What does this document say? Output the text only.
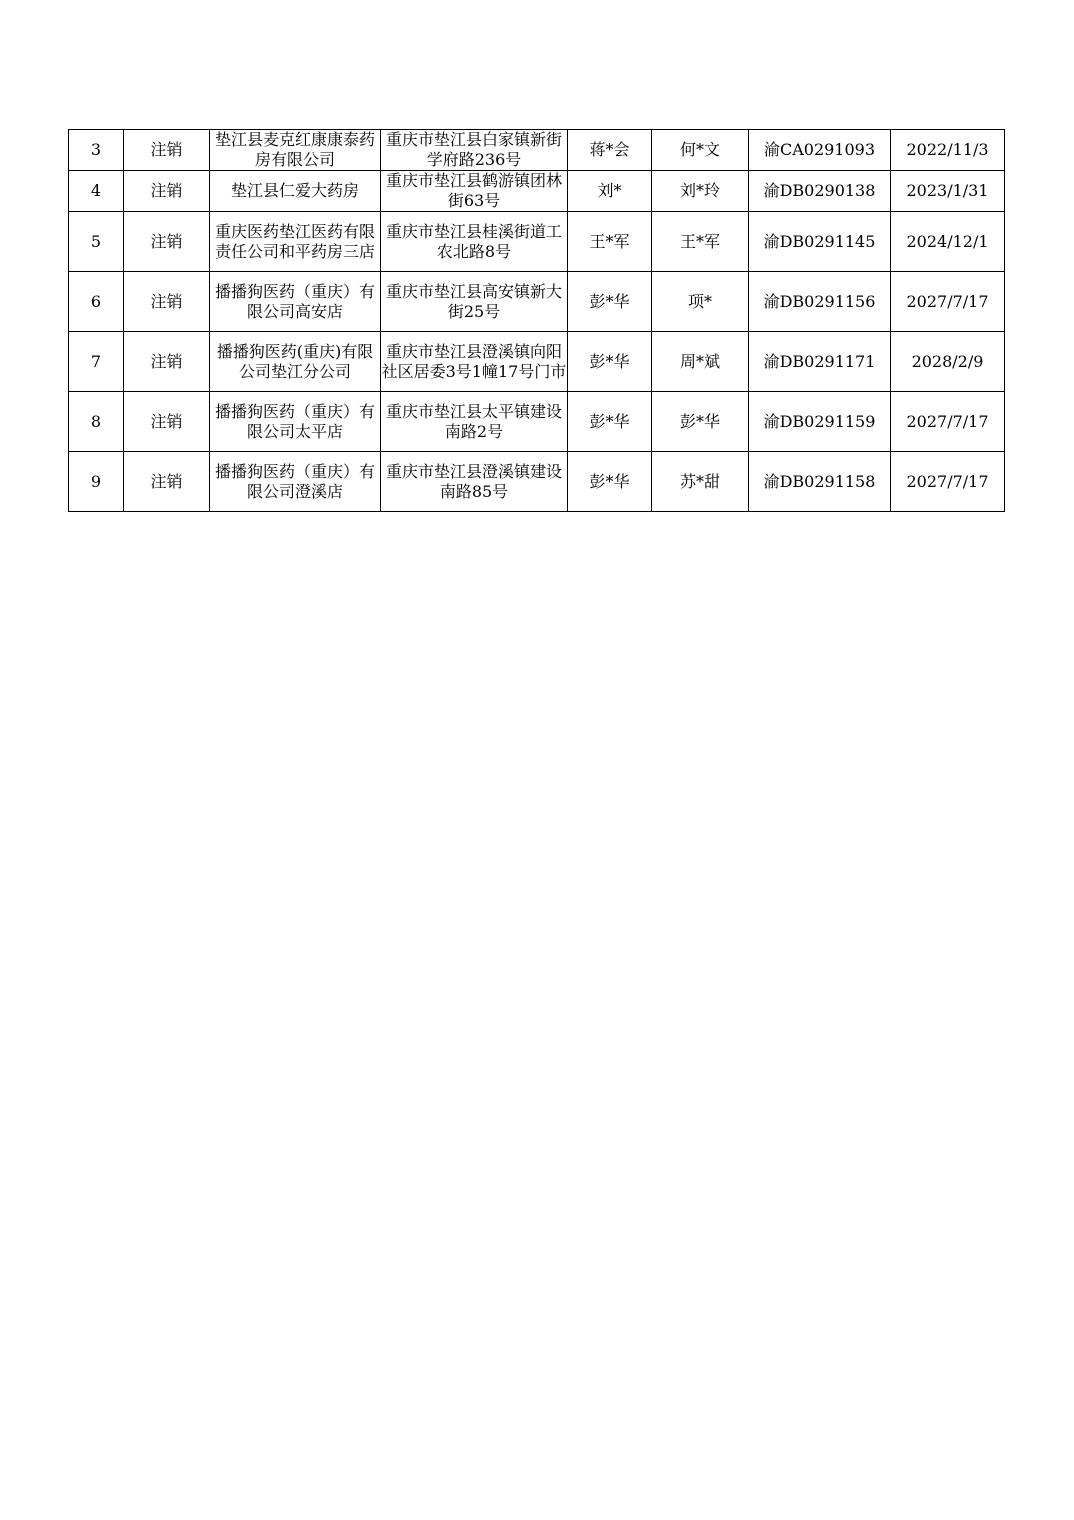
3	注销	垫江县麦克红康康泰药房有限公司	重庆市垫江县白家镇新街学府路236号	蒋*会	何*文	渝CA0291093	2022/11/3

4	注销	垫江县仁爱大药房	重庆市垫江县鹤游镇团林街63号	刘*	刘*玲	渝DB0290138	2023/1/31

5	注销	重庆医药垫江医药有限责任公司和平药房三店	重庆市垫江县桂溪街道工农北路8号	王*军	王*军	渝DB0291145	2024/12/1

6	注销	播播狗医药（重庆）有限公司高安店	重庆市垫江县高安镇新大街25号	彭*华	项*	渝DB0291156	2027/7/17

7	注销	播播狗医药(重庆)有限公司垫江分公司	重庆市垫江县澄溪镇向阳社区居委3号1幢17号门市	彭*华	周*斌	渝DB0291171	2028/2/9

8	注销	播播狗医药（重庆）有限公司太平店	重庆市垫江县太平镇建设南路2号	彭*华	彭*华	渝DB0291159	2027/7/17

9	注销	播播狗医药（重庆）有限公司澄溪店	重庆市垫江县澄溪镇建设南路85号	彭*华	苏*甜	渝DB0291158	2027/7/17
